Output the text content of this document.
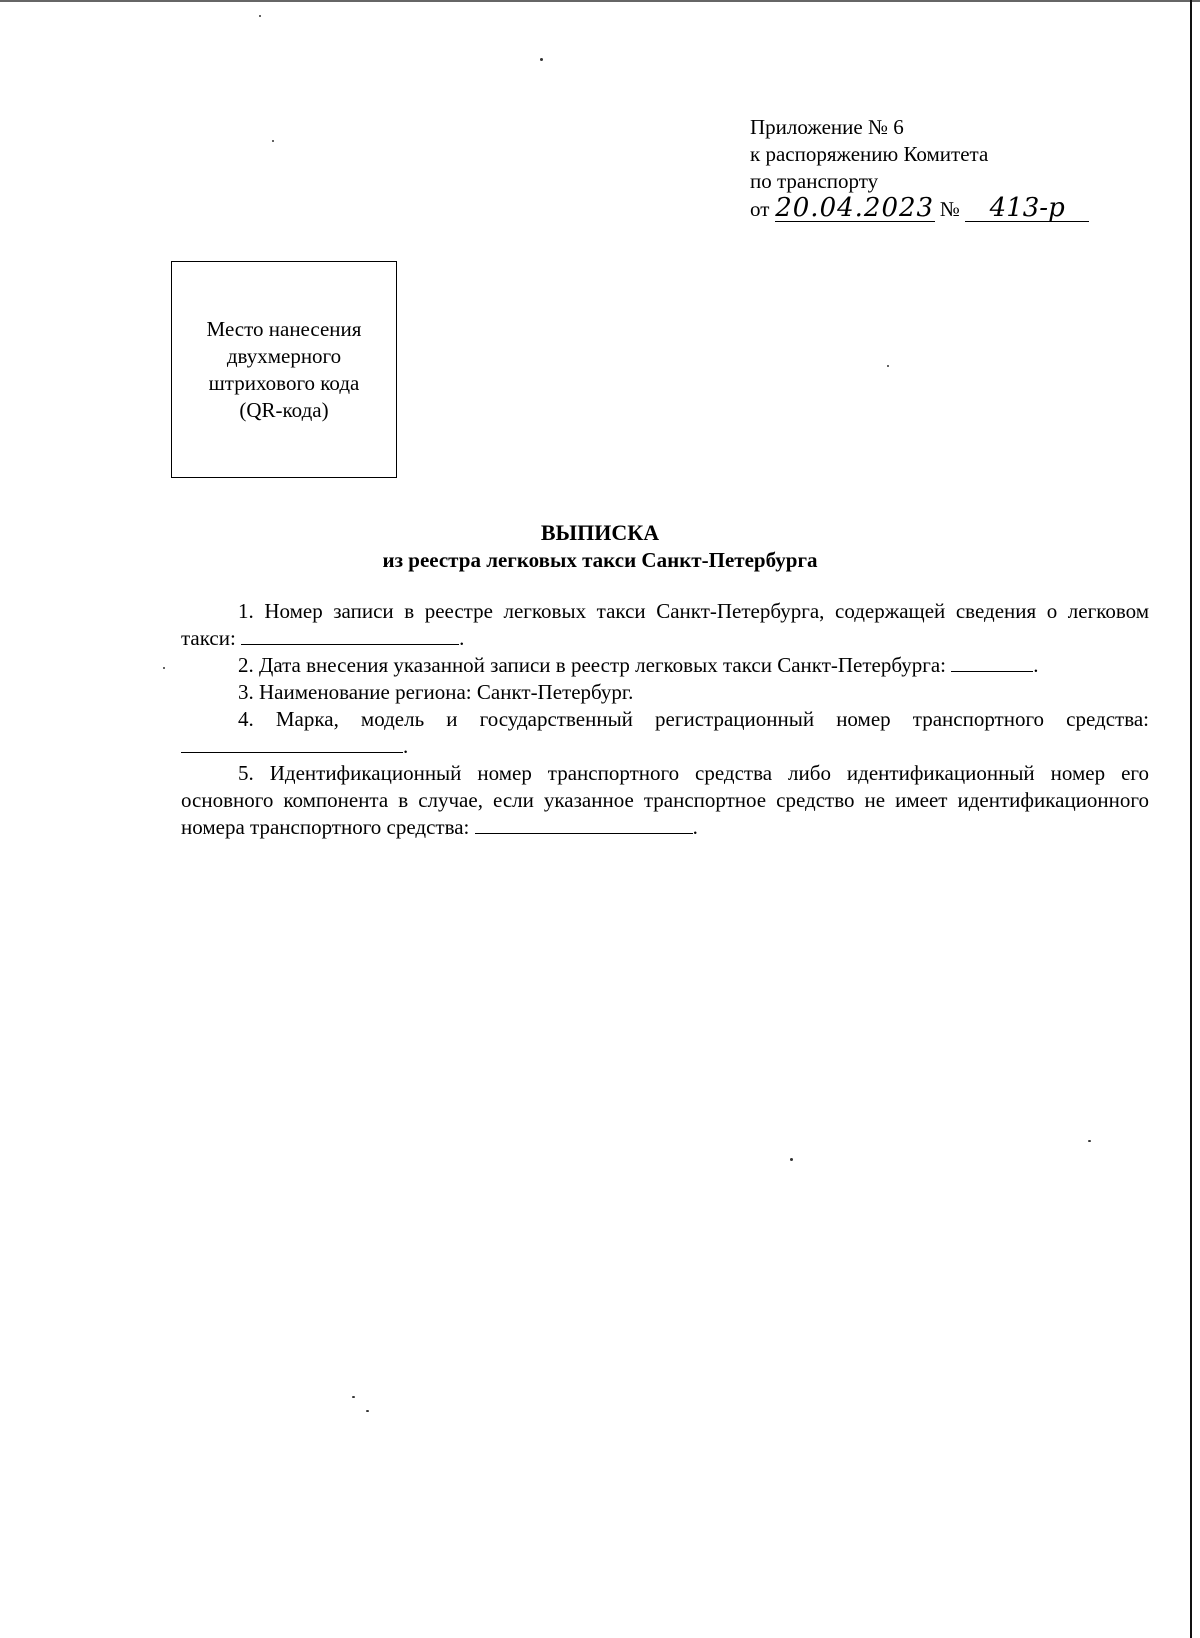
Приложение № 6
к распоряжению Комитета
по транспорту
от 20.04.2023 № 413-р
Место нанесения
двухмерного
штрихового кода
(QR-кода)
ВЫПИСКА
из реестра легковых такси Санкт-Петербурга
1. Номер записи в реестре легковых такси Санкт-Петербурга, содержащей сведения о легковом такси:	.
2. Дата внесения указанной записи в реестр легковых такси Санкт-Петербурга:	.
3. Наименование региона: Санкт-Петербург.
4. Марка, модель и государственный регистрационный номер транспортного средства: .
5. Идентификационный номер транспортного средства либо идентификационный номер его основного компонента в случае, если указанное транспортное средство не имеет идентификационного номера транспортного средства:	.
